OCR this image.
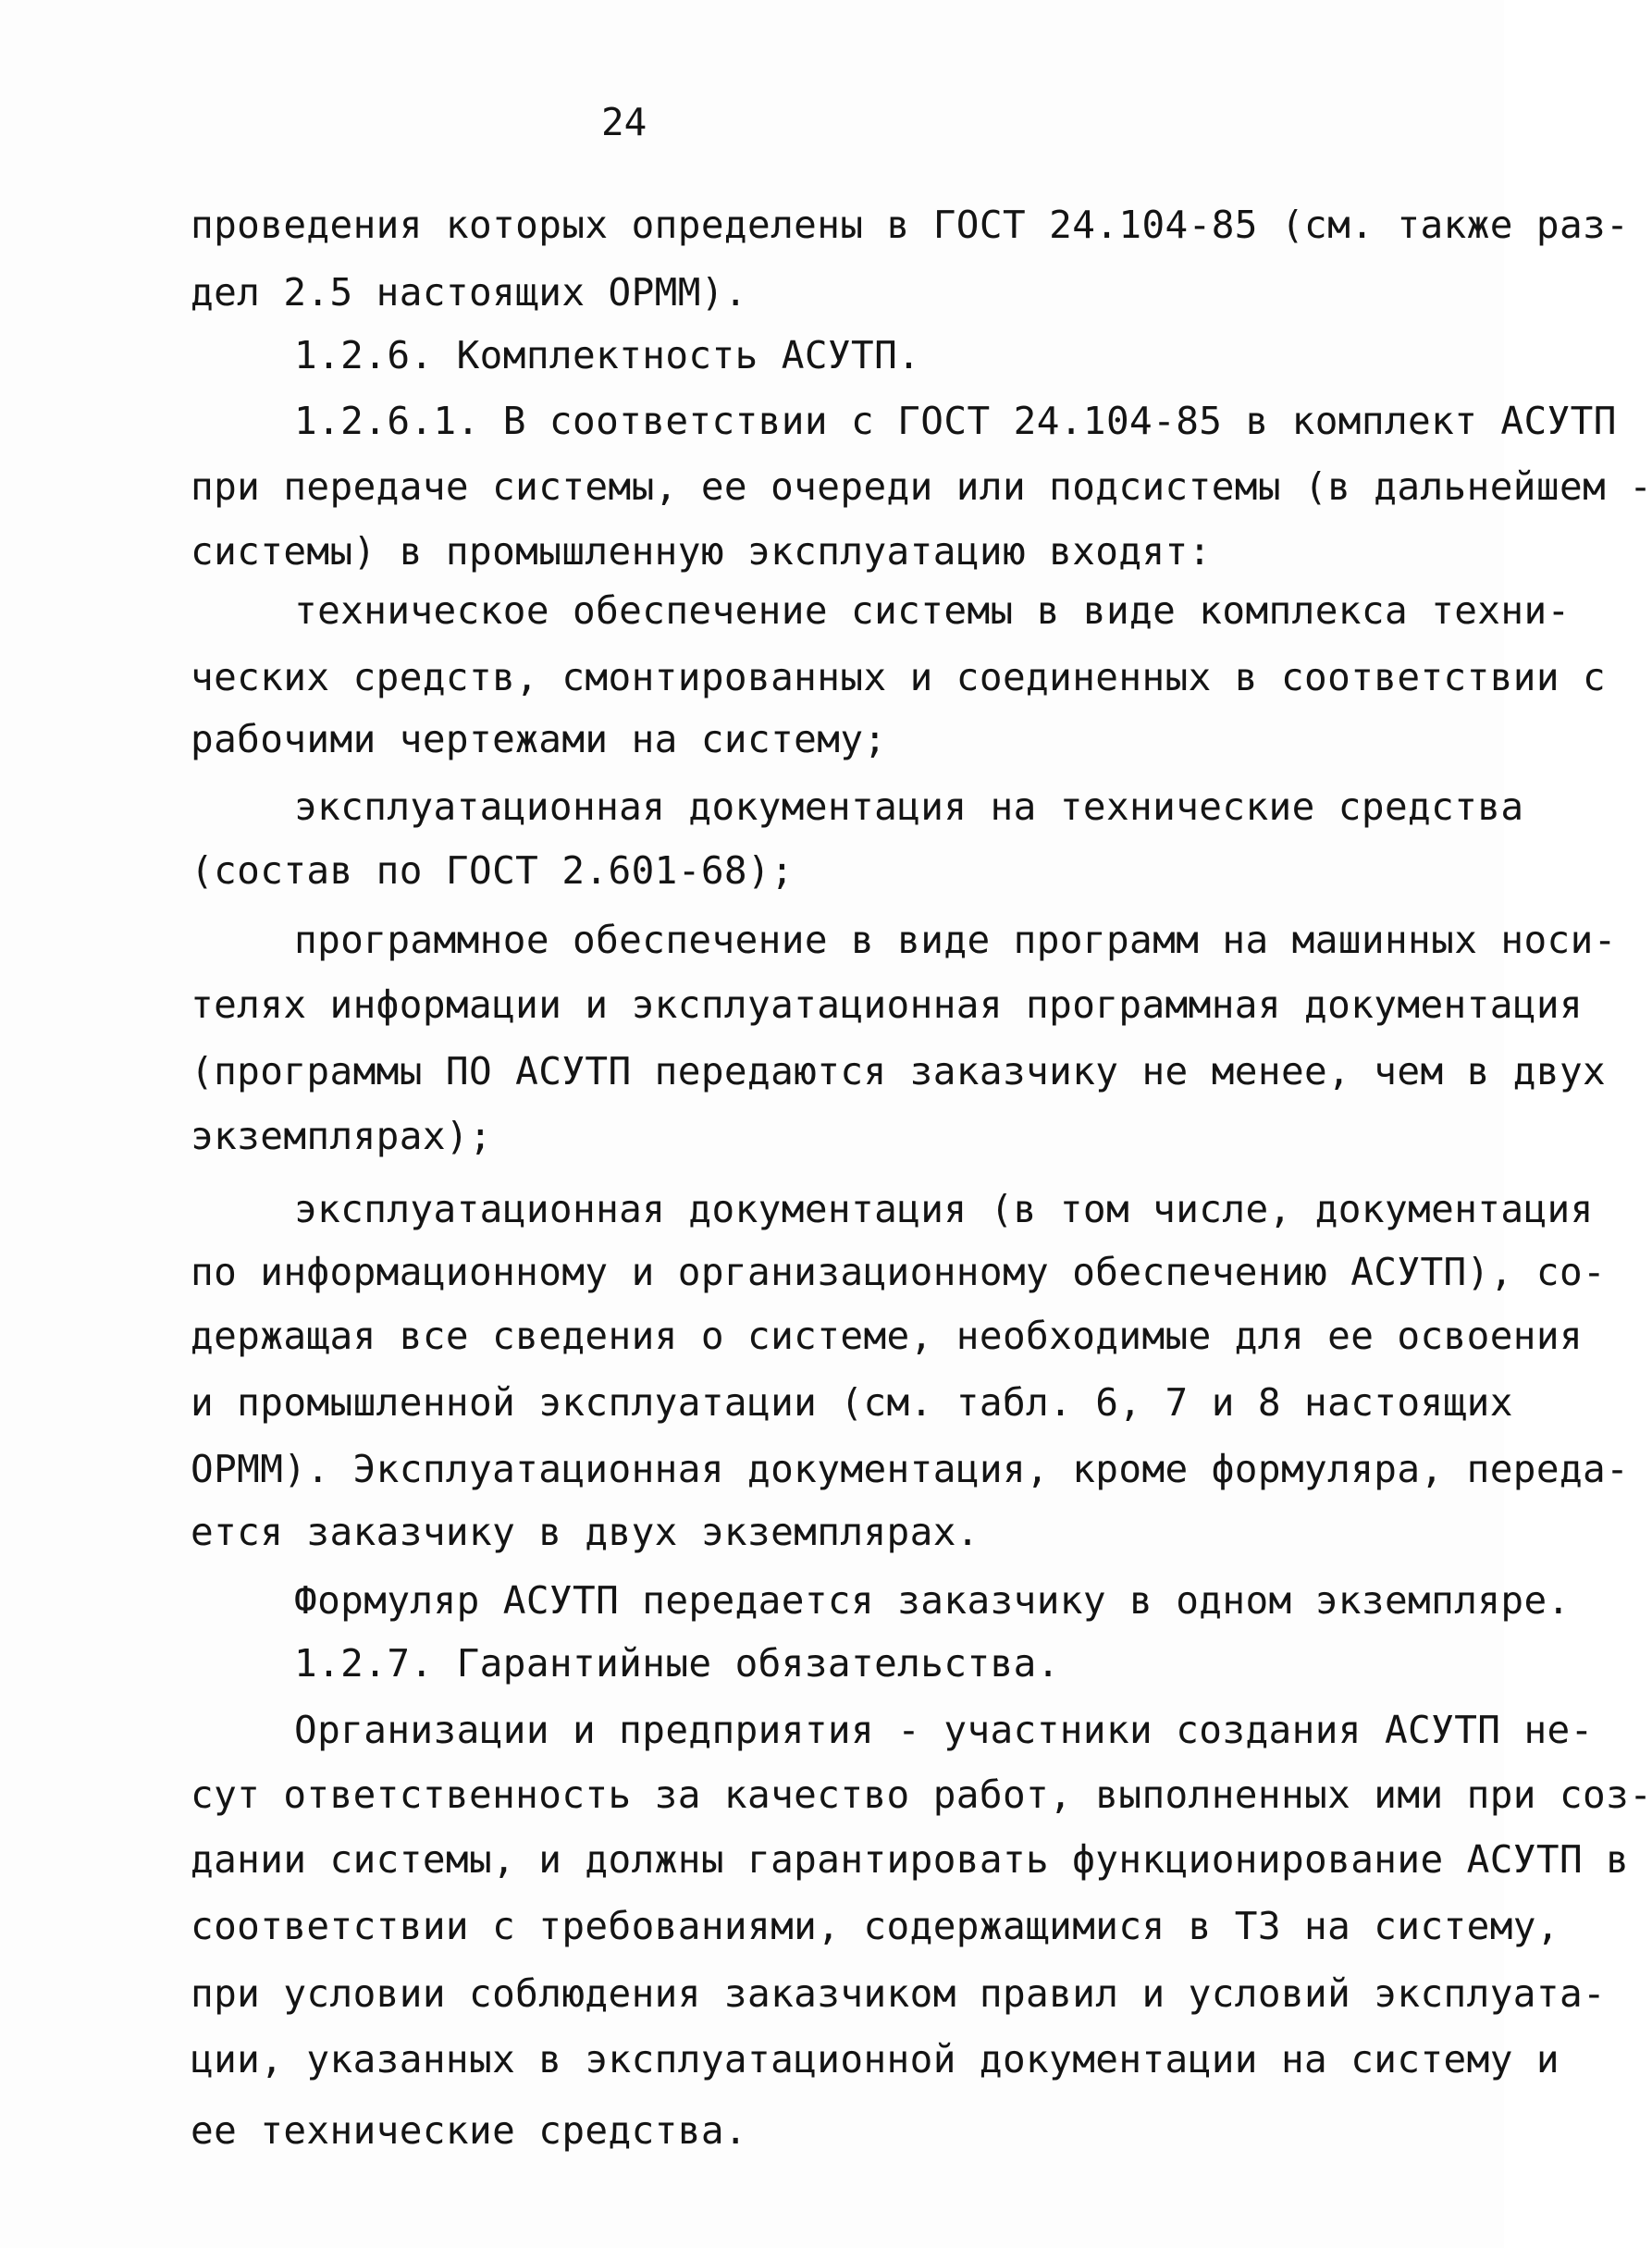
24
проведения которых определены в ГОСТ 24.104-85 (см. также раз-
дел 2.5 настоящих ОРММ).
1.2.6. Комплектность АСУТП.
1.2.6.1. В соответствии с ГОСТ 24.104-85 в комплект АСУТП
при передаче системы, ее очереди или подсистемы (в дальнейшем -
системы) в промышленную эксплуатацию входят:
техническое обеспечение системы в виде комплекса техни-
ческих средств, смонтированных и соединенных в соответствии с
рабочими чертежами на систему;
эксплуатационная документация на технические средства
(состав по ГОСТ 2.601-68);
программное обеспечение в виде программ на машинных носи-
телях информации и эксплуатационная программная документация
(программы ПО АСУТП передаются заказчику не менее, чем в двух
экземплярах);
эксплуатационная документация (в том числе, документация
по информационному и организационному обеспечению АСУТП), со-
держащая все сведения о системе, необходимые для ее освоения
и промышленной эксплуатации (см. табл. 6, 7 и 8 настоящих
ОРММ). Эксплуатационная документация, кроме формуляра, переда-
ется заказчику в двух экземплярах.
Формуляр АСУТП передается заказчику в одном экземпляре.
1.2.7. Гарантийные обязательства.
Организации и предприятия - участники создания АСУТП не-
сут ответственность за качество работ, выполненных ими при соз-
дании системы, и должны гарантировать функционирование АСУТП в
соответствии с требованиями, содержащимися в ТЗ на систему,
при условии соблюдения заказчиком правил и условий эксплуата-
ции, указанных в эксплуатационной документации на систему и
ее технические средства.
